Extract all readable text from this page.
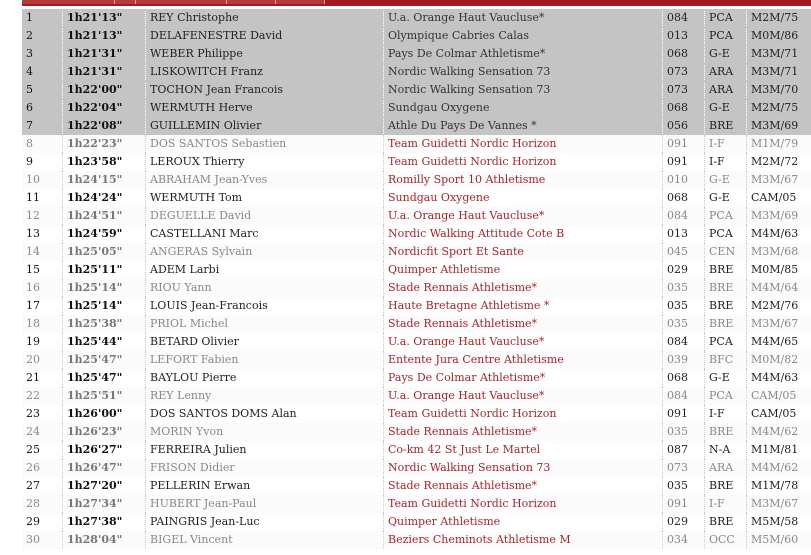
1	1h21'13"	REY Christophe	U.a. Orange Haut Vaucluse*	084	PCA	M2M/75
2	1h21'13"	DELAFENESTRE David	Olympique Cabries Calas	013	PCA	M0M/86
3	1h21'31"	WEBER Philippe	Pays De Colmar Athletisme*	068	G-E	M3M/71
4	1h21'31"	LISKOWITCH Franz	Nordic Walking Sensation 73	073	ARA	M3M/71
5	1h22'00"	TOCHON Jean Francois	Nordic Walking Sensation 73	073	ARA	M3M/70
6	1h22'04"	WERMUTH Herve	Sundgau Oxygene	068	G-E	M2M/75
7	1h22'08"	GUILLEMIN Olivier	Athle Du Pays De Vannes *	056	BRE	M3M/69
8	1h22'23"	DOS SANTOS Sebastien	Team Guidetti Nordic Horizon	091	I-F	M1M/79
9	1h23'58"	LEROUX Thierry	Team Guidetti Nordic Horizon	091	I-F	M2M/72
10	1h24'15"	ABRAHAM Jean-Yves	Romilly Sport 10 Athletisme	010	G-E	M3M/67
11	1h24'24"	WERMUTH Tom	Sundgau Oxygene	068	G-E	CAM/05
12	1h24'51"	DEGUELLE David	U.a. Orange Haut Vaucluse*	084	PCA	M3M/69
13	1h24'59"	CASTELLANI Marc	Nordic Walking Attitude Cote B	013	PCA	M4M/63
14	1h25'05"	ANGERAS Sylvain	Nordicfit Sport Et Sante	045	CEN	M3M/68
15	1h25'11"	ADEM Larbi	Quimper Athletisme	029	BRE	M0M/85
16	1h25'14"	RIOU Yann	Stade Rennais Athletisme*	035	BRE	M4M/64
17	1h25'14"	LOUIS Jean-Francois	Haute Bretagne Athletisme *	035	BRE	M2M/76
18	1h25'38"	PRIOL Michel	Stade Rennais Athletisme*	035	BRE	M3M/67
19	1h25'44"	BETARD Olivier	U.a. Orange Haut Vaucluse*	084	PCA	M4M/65
20	1h25'47"	LEFORT Fabien	Entente Jura Centre Athletisme	039	BFC	M0M/82
21	1h25'47"	BAYLOU Pierre	Pays De Colmar Athletisme*	068	G-E	M4M/63
22	1h25'51"	REY Lenny	U.a. Orange Haut Vaucluse*	084	PCA	CAM/05
23	1h26'00"	DOS SANTOS DOMS Alan	Team Guidetti Nordic Horizon	091	I-F	CAM/05
24	1h26'23"	MORIN Yvon	Stade Rennais Athletisme*	035	BRE	M4M/62
25	1h26'27"	FERREIRA Julien	Co-km 42 St Just Le Martel	087	N-A	M1M/81
26	1h26'47"	FRISON Didier	Nordic Walking Sensation 73	073	ARA	M4M/62
27	1h27'20"	PELLERIN Erwan	Stade Rennais Athletisme*	035	BRE	M1M/78
28	1h27'34"	HUBERT Jean-Paul	Team Guidetti Nordic Horizon	091	I-F	M3M/67
29	1h27'38"	PAINGRIS Jean-Luc	Quimper Athletisme	029	BRE	M5M/58
30	1h28'04"	BIGEL Vincent	Beziers Cheminots Athletisme M	034	OCC	M5M/60
